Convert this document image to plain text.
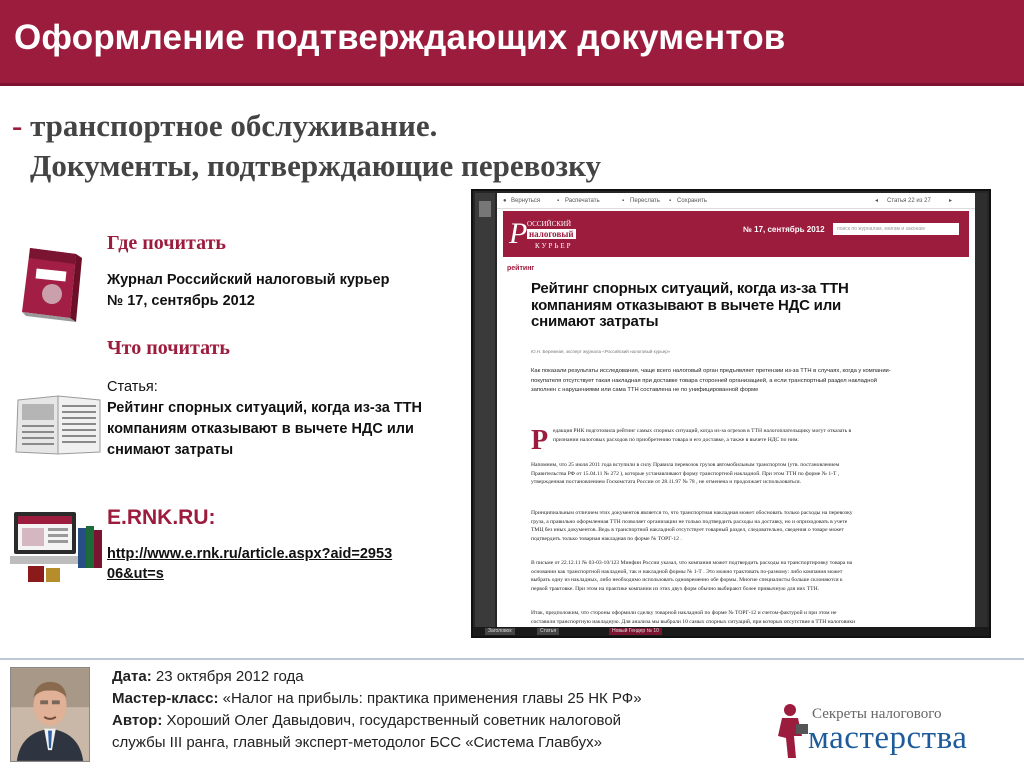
Оформление подтверждающих документов
- транспортное обслуживание.
Документы, подтверждающие перевозку
Где почитать
Журнал Российский налоговый курьер
№ 17, сентябрь 2012
Что почитать
Статья:
Рейтинг спорных ситуаций, когда из-за ТТН
компаниям отказывают в вычете НДС или
снимают затраты
E.RNK.RU:
http://www.e.rnk.ru/article.aspx?aid=2953
06&ut=s
● Вернуться	▪ Распечатать	▪ Переслать ▪ Сохранить	Статья 22 из 27
◂	▸
Р ОССИЙСКИЙ
налоговый
КУРЬЕР
№ 17, сентябрь 2012	поиск по журналам, книгам и законам
рейтинг
Рейтинг спорных ситуаций, когда из-за ТТН компаниям отказывают в вычете НДС или снимают затраты
Ю.Н. Бережная, эксперт журнала «Российский налоговый курьер»
Как показали результаты исследования, чаще всего налоговый орган предъявляет претензии из-за ТТН в случаях, когда у компании-покупателя отсутствует такая накладная при доставке товара сторонней организацией, а если транспортный раздел накладной заполнен с нарушениями или сама ТТН составлена не по унифицированной форме
Р едакция РНК подготовила рейтинг самых спорных ситуаций, когда из-за огрехов в ТТН налогоплательщику могут отказать в признании налоговых расходов по приобретению товара и его доставке, а также в вычете НДС по ним.
Напомним, что 25 июля 2011 года вступили в силу Правила перевозок грузов автомобильным транспортом (утв. постановлением Правительства РФ от 15.04.11 № 272 ), которые устанавливают форму транспортной накладной. При этом ТТН по форме № 1-Т , утвержденная постановлением Госкомстата России от 28.11.97 № 78 , не отменена и продолжает использоваться.
Принципиальным отличием этих документов является то, что транспортная накладная может обосновать только расходы на перевозку груза, а правильно оформленная ТТН позволяет организации не только подтвердить расходы на доставку, но и оприходовать в учете ТМЦ без иных документов. Ведь в транспортной накладной отсутствует товарный раздел, следовательно, сведения о товаре может подтвердить только товарная накладная по форме № ТОРГ-12 .
В письме от 22.12.11 № 03-03-10/123 Минфин России указал, что компания может подтвердить расходы на транспортировку товара на основании как транспортной накладной, так и накладной формы № 1-Т . Это можно трактовать по-разному: либо компания может выбрать одну из накладных, либо необходимо использовать одновременно обе формы. Многие специалисты больше склоняются к первой трактовке. При этом на практике компании из этих двух форм обычно выбирают более привычную для них ТТН.
Итак, предположим, что стороны оформили сделку товарной накладной по форме № ТОРГ-12 и счетом-фактурой и при этом не составили транспортную накладную. Для анализа мы выбрали 10 самых спорных ситуаций, при которых отсутствие в ТТН налоговики
Заголовок	Статья	Новый Гендер № 10
Дата: 23 октября 2012 года
Мастер-класс: «Налог на прибыль: практика применения главы 25 НК РФ»
Автор: Хороший Олег Давыдович, государственный советник налоговой
службы III ранга, главный эксперт-методолог БСС «Система Главбух»
Секреты налогового
мастерства
